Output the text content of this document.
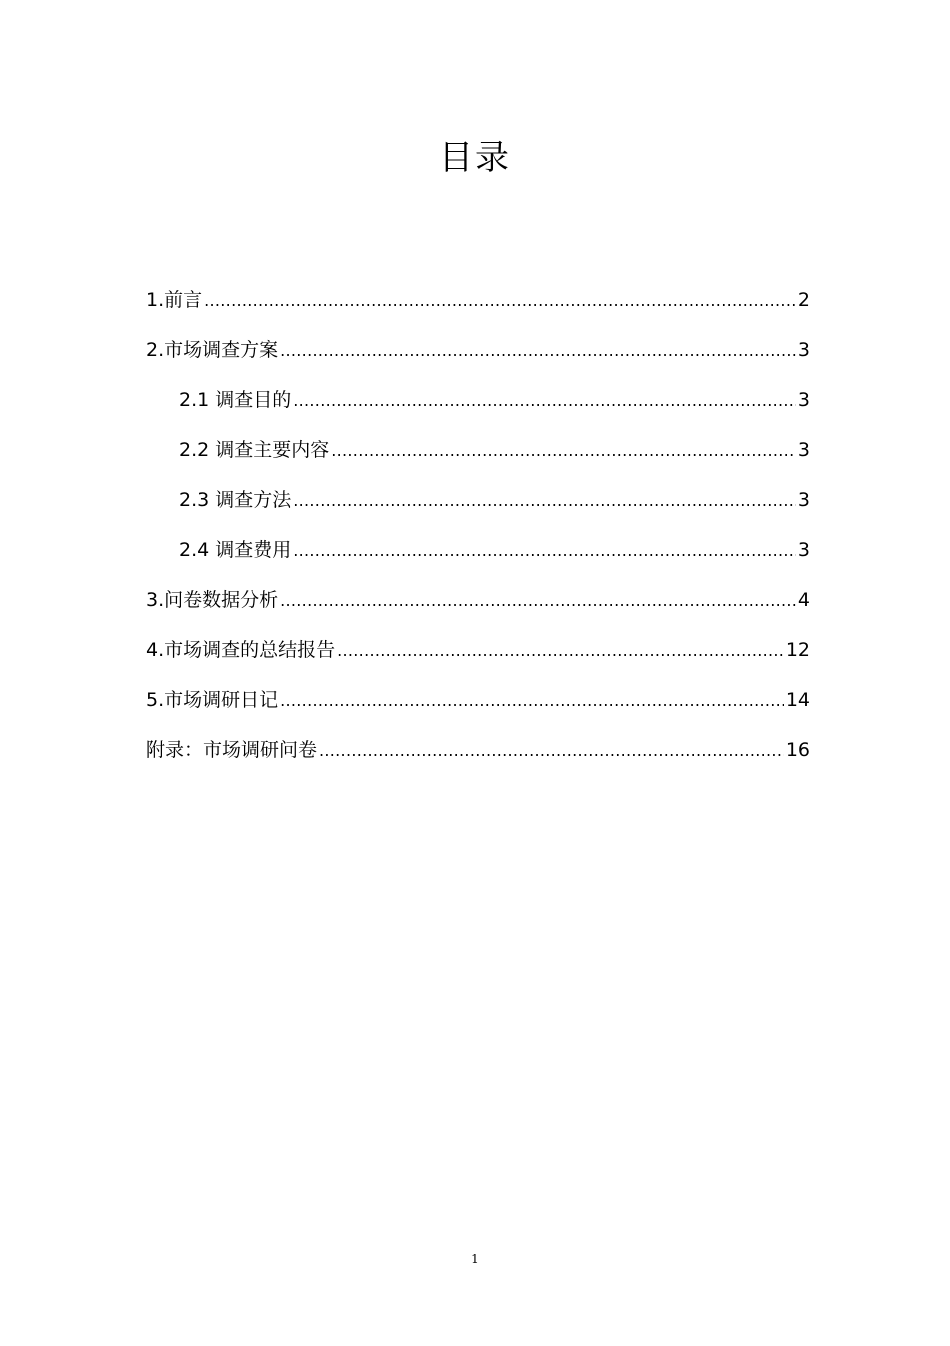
目录
1.前言 .....	2
2.市场调查方案 .....	3
2.1 调查目的 .....	3
2.2 调查主要内容 .....	3
2.3 调查方法 .....	3
2.4 调查费用 .....	3
3.问卷数据分析 .....	4
4.市场调查的总结报告 .....	12
5.市场调研日记 .....	14
附录：市场调研问卷 .....	16
1
